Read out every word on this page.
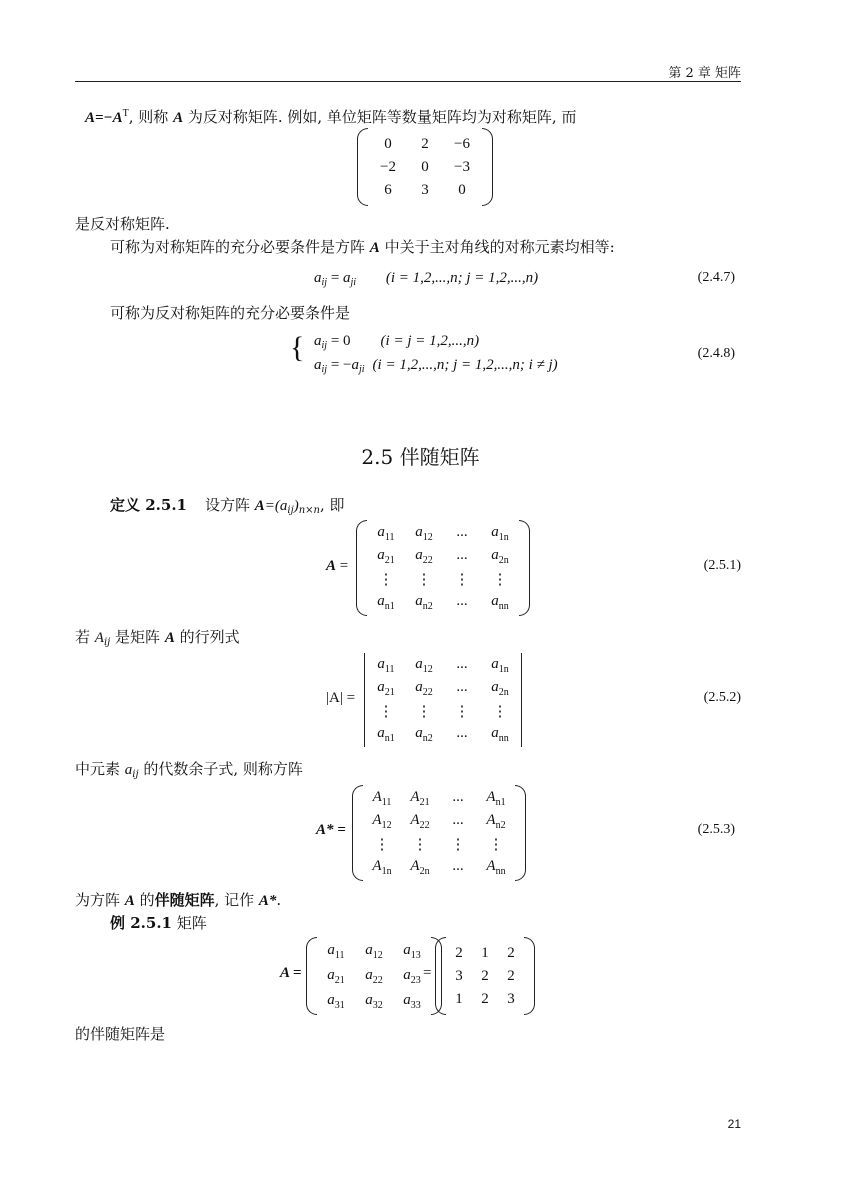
第 2 章 矩阵
$A=-A^T$, 则称 A 为反对称矩阵. 例如, 单位矩阵等数量矩阵均为对称矩阵, 而
0	2	−6
−2	0	−3
6	3	0
是反对称矩阵.
可称为对称矩阵的充分必要条件是方阵 A 中关于主对角线的对称元素均相等:
$a_{ij} = a_{ji}$ (i = 1,2,...,n; j = 1,2,...,n)	(2.4.7)
可称为反对称矩阵的充分必要条件是
{ $a_{ij} = 0$ (i = j = 1,2,...,n)
$a_{ij} = -a_{ji}$ (i = 1,2,...,n; j = 1,2,...,n; i ≠ j)
(2.4.8)
2.5 伴随矩阵
定义 2.5.1 设方阵 $A=(a_{ij})_{n\times n}$, 即
A =
$a_{11}$ $a_{12}$	...	$a_{1n}$
$a_{21}$ $a_{22}$	...	$a_{2n}$
⋮	⋮	⋮	⋮
$a_{n1}$ $a_{n2}$	...	$a_{nn}$
(2.5.1)
若 $A_{ij}$ 是矩阵 A 的行列式
|A| =
$a_{11}$ $a_{12}$	...	$a_{1n}$
$a_{21}$ $a_{22}$	...	$a_{2n}$
⋮	⋮	⋮	⋮
$a_{n1}$ $a_{n2}$	...	$a_{nn}$
(2.5.2)
中元素 $a_{ij}$ 的代数余子式, 则称方阵
A* =
$A_{11}$ $A_{21}$	...	$A_{n1}$
$A_{12}$ $A_{22}$	...	$A_{n2}$
⋮	⋮	⋮	⋮
$A_{1n}$ $A_{2n}$	...	$A_{nn}$
(2.5.3)
为方阵 A 的伴随矩阵, 记作 A*.
例 2.5.1 矩阵
A =
$a_{11}$ $a_{12}$ $a_{13}$
$a_{21}$ $a_{22}$ $a_{23}$
$a_{31}$ $a_{32}$ $a_{33}$
=
2 1 2
3 2 2
1 2 3
的伴随矩阵是
21
